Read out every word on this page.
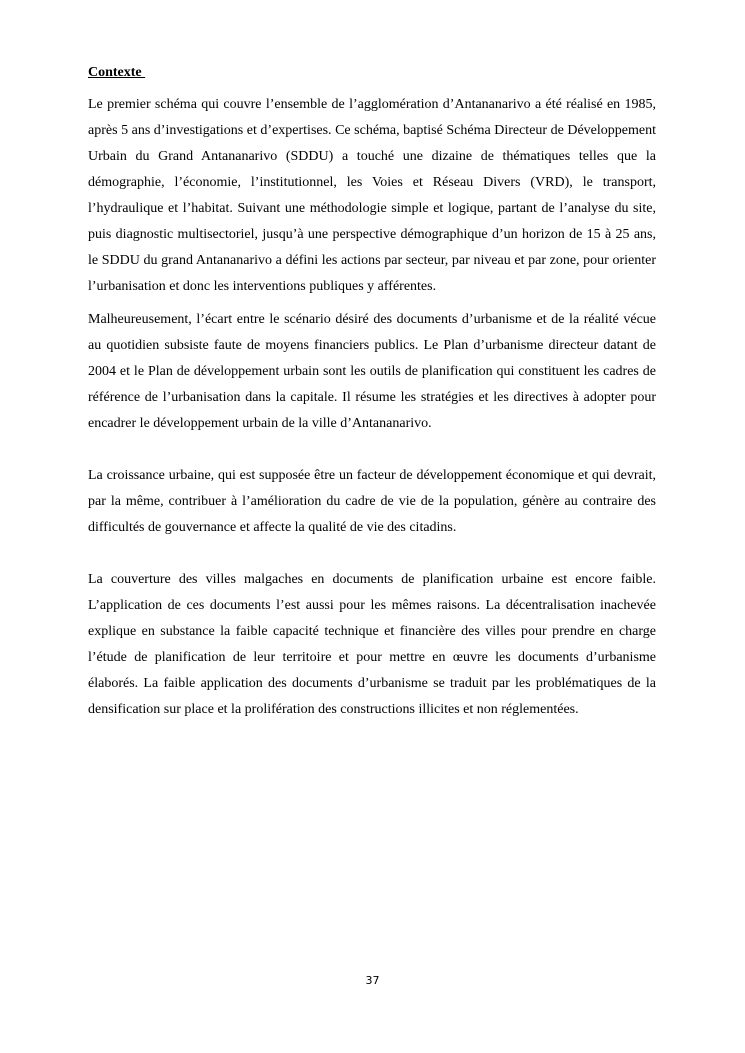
Contexte

Le premier schéma qui couvre l’ensemble de l’agglomération d’Antananarivo a été réalisé en 1985, après 5 ans d’investigations et d’expertises. Ce schéma, baptisé Schéma Directeur de Développement Urbain du Grand Antananarivo (SDDU) a touché une dizaine de thématiques telles que la démographie, l’économie, l’institutionnel, les Voies et Réseau Divers (VRD), le transport, l’hydraulique et l’habitat. Suivant une méthodologie simple et logique, partant de l’analyse du site, puis diagnostic multisectoriel, jusqu’à une perspective démographique d’un horizon de 15 à 25 ans, le SDDU du grand Antananarivo a défini les actions par secteur, par niveau et par zone, pour orienter l’urbanisation et donc les interventions publiques y afférentes.

Malheureusement, l’écart entre le scénario désiré des documents d’urbanisme et de la réalité vécue au quotidien subsiste faute de moyens financiers publics. Le Plan d’urbanisme directeur datant de 2004 et le Plan de développement urbain sont les outils de planification qui constituent les cadres de référence de l’urbanisation dans la capitale. Il résume les stratégies et les directives à adopter pour encadrer le développement urbain de la ville d’Antananarivo.

La croissance urbaine, qui est supposée être un facteur de développement économique et qui devrait, par la même, contribuer à l’amélioration du cadre de vie de la population, génère au contraire des difficultés de gouvernance et affecte la qualité de vie des citadins.

La couverture des villes malgaches en documents de planification urbaine est encore faible. L’application de ces documents l’est aussi pour les mêmes raisons. La décentralisation inachevée explique en substance la faible capacité technique et financière des villes pour prendre en charge l’étude de planification de leur territoire et pour mettre en œuvre les documents d’urbanisme élaborés. La faible application des documents d’urbanisme se traduit par les problématiques de la densification sur place et la prolifération des constructions illicites et non réglementées.

37
